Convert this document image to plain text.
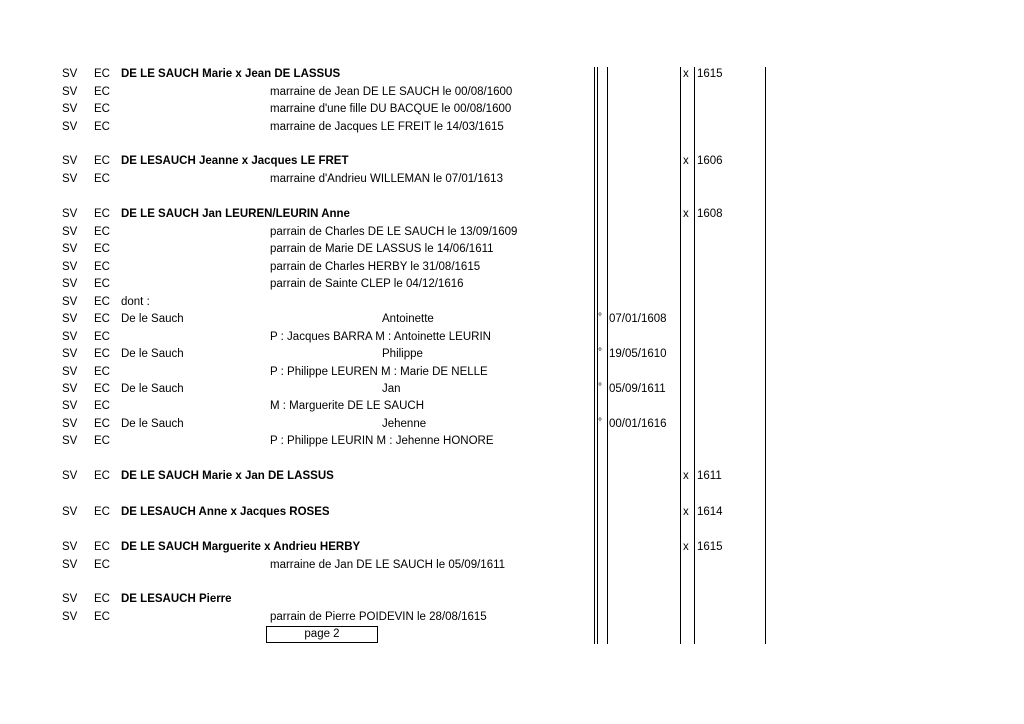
SV EC DE LE SAUCH Marie x Jean DE LASSUS	x 1615
SV EC	marraine de Jean DE LE SAUCH le 00/08/1600
SV EC	marraine d'une fille DU BACQUE le 00/08/1600
SV EC	marraine de Jacques LE FREIT le 14/03/1615
SV EC DE LESAUCH Jeanne x Jacques LE FRET	x 1606
SV EC	marraine d'Andrieu WILLEMAN le 07/01/1613
SV EC DE LE SAUCH Jan LEUREN/LEURIN Anne	x 1608
SV EC	parrain de Charles DE LE SAUCH le 13/09/1609
SV EC	parrain de Marie DE LASSUS le 14/06/1611
SV EC	parrain de Charles HERBY le 31/08/1615
SV EC	parrain de Sainte CLEP le 04/12/1616
SV EC dont :
SV EC De le Sauch	Antoinette	° 07/01/1608
SV EC	P : Jacques BARRA M : Antoinette LEURIN
SV EC De le Sauch	Philippe	° 19/05/1610
SV EC	P : Philippe LEUREN M : Marie DE NELLE
SV EC De le Sauch	Jan	° 05/09/1611
SV EC	M : Marguerite DE LE SAUCH
SV EC De le Sauch	Jehenne	° 00/01/1616
SV EC	P : Philippe LEURIN M : Jehenne HONORE
SV EC DE LE SAUCH Marie x Jan DE LASSUS	x 1611
SV EC DE LESAUCH Anne x Jacques ROSES	x 1614
SV EC DE LE SAUCH Marguerite x Andrieu HERBY	x 1615
SV EC	marraine de Jan DE LE SAUCH le 05/09/1611
SV EC DE LESAUCH Pierre
SV EC	parrain de Pierre POIDEVIN le 28/08/1615
page 2
